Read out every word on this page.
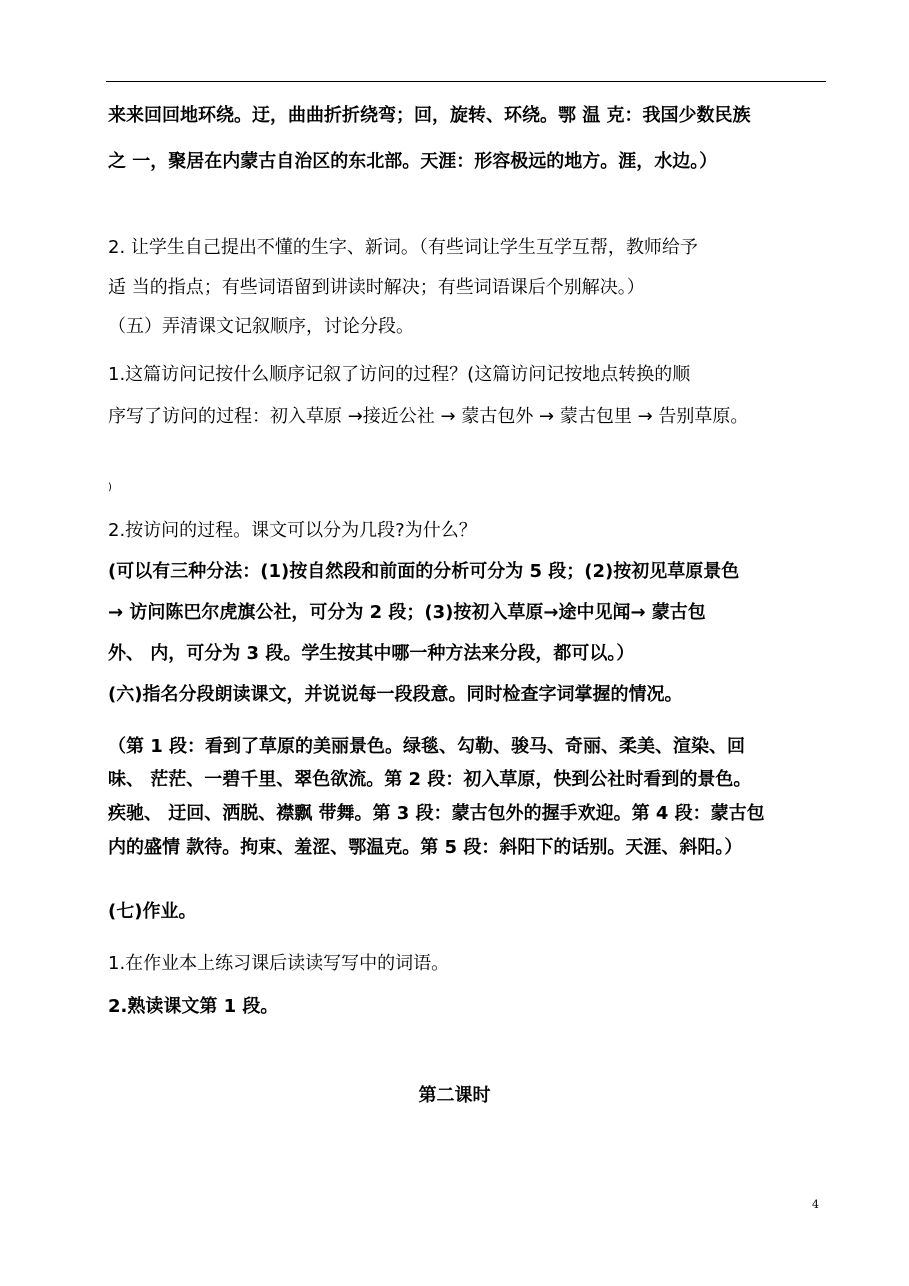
来来回回地环绕。迂，曲曲折折绕弯；回，旋转、环绕。鄂 温 克：我国少数民族
之 一，聚居在内蒙古自治区的东北部。天涯：形容极远的地方。涯，水边。）
2. 让学生自己提出不懂的生字、新词。（有些词让学生互学互帮，教师给予
适 当的指点；有些词语留到讲读时解决；有些词语课后个别解决。）
（五）弄清课文记叙顺序，讨论分段。
1.这篇访问记按什么顺序记叙了访问的过程？(这篇访问记按地点转换的顺
序写了访问的过程：初入草原 →接近公社 → 蒙古包外 → 蒙古包里 → 告别草原。
)
2.按访问的过程。课文可以分为几段?为什么？
(可以有三种分法：(1)按自然段和前面的分析可分为 5 段；(2)按初见草原景色
→ 访问陈巴尔虎旗公社，可分为 2 段；(3)按初入草原→途中见闻→ 蒙古包
外、 内，可分为 3 段。学生按其中哪一种方法来分段，都可以。）
(六)指名分段朗读课文，并说说每一段段意。同时检查字词掌握的情况。
（第 1 段：看到了草原的美丽景色。绿毯、勾勒、骏马、奇丽、柔美、渲染、回
味、 茫茫、一碧千里、翠色欲流。第 2 段：初入草原，快到公社时看到的景色。
疾驰、 迂回、洒脱、襟飘 带舞。第 3 段：蒙古包外的握手欢迎。第 4 段：蒙古包
内的盛情 款待。拘束、羞涩、鄂温克。第 5 段：斜阳下的话别。天涯、斜阳。）
(七)作业。
1.在作业本上练习课后读读写写中的词语。
2.熟读课文第 1 段。
第二课时
4
